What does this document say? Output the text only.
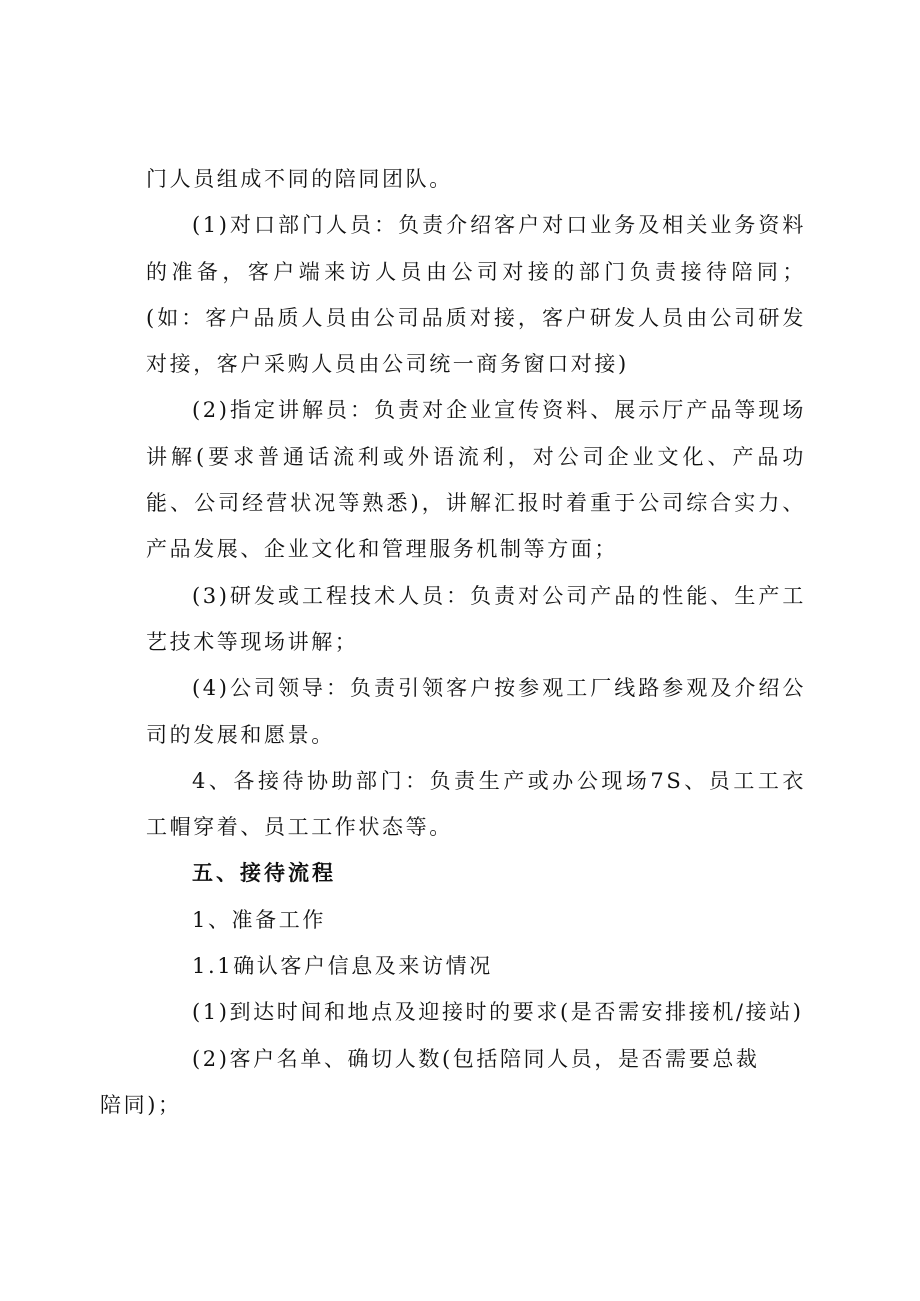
门人员组成不同的陪同团队。

(1)对口部门人员：负责介绍客户对口业务及相关业务资料的准备，客户端来访人员由公司对接的部门负责接待陪同；(如：客户品质人员由公司品质对接，客户研发人员由公司研发对接，客户采购人员由公司统一商务窗口对接)

(2)指定讲解员：负责对企业宣传资料、展示厅产品等现场讲解(要求普通话流利或外语流利，对公司企业文化、产品功能、公司经营状况等熟悉)，讲解汇报时着重于公司综合实力、产品发展、企业文化和管理服务机制等方面；

(3)研发或工程技术人员：负责对公司产品的性能、生产工艺技术等现场讲解；

(4)公司领导：负责引领客户按参观工厂线路参观及介绍公司的发展和愿景。

4、各接待协助部门：负责生产或办公现场7S、员工工衣工帽穿着、员工工作状态等。

五、接待流程

1、准备工作

1.1确认客户信息及来访情况

(1)到达时间和地点及迎接时的要求(是否需安排接机/接站)

(2)客户名单、确切人数(包括陪同人员，是否需要总裁
陪同)；
